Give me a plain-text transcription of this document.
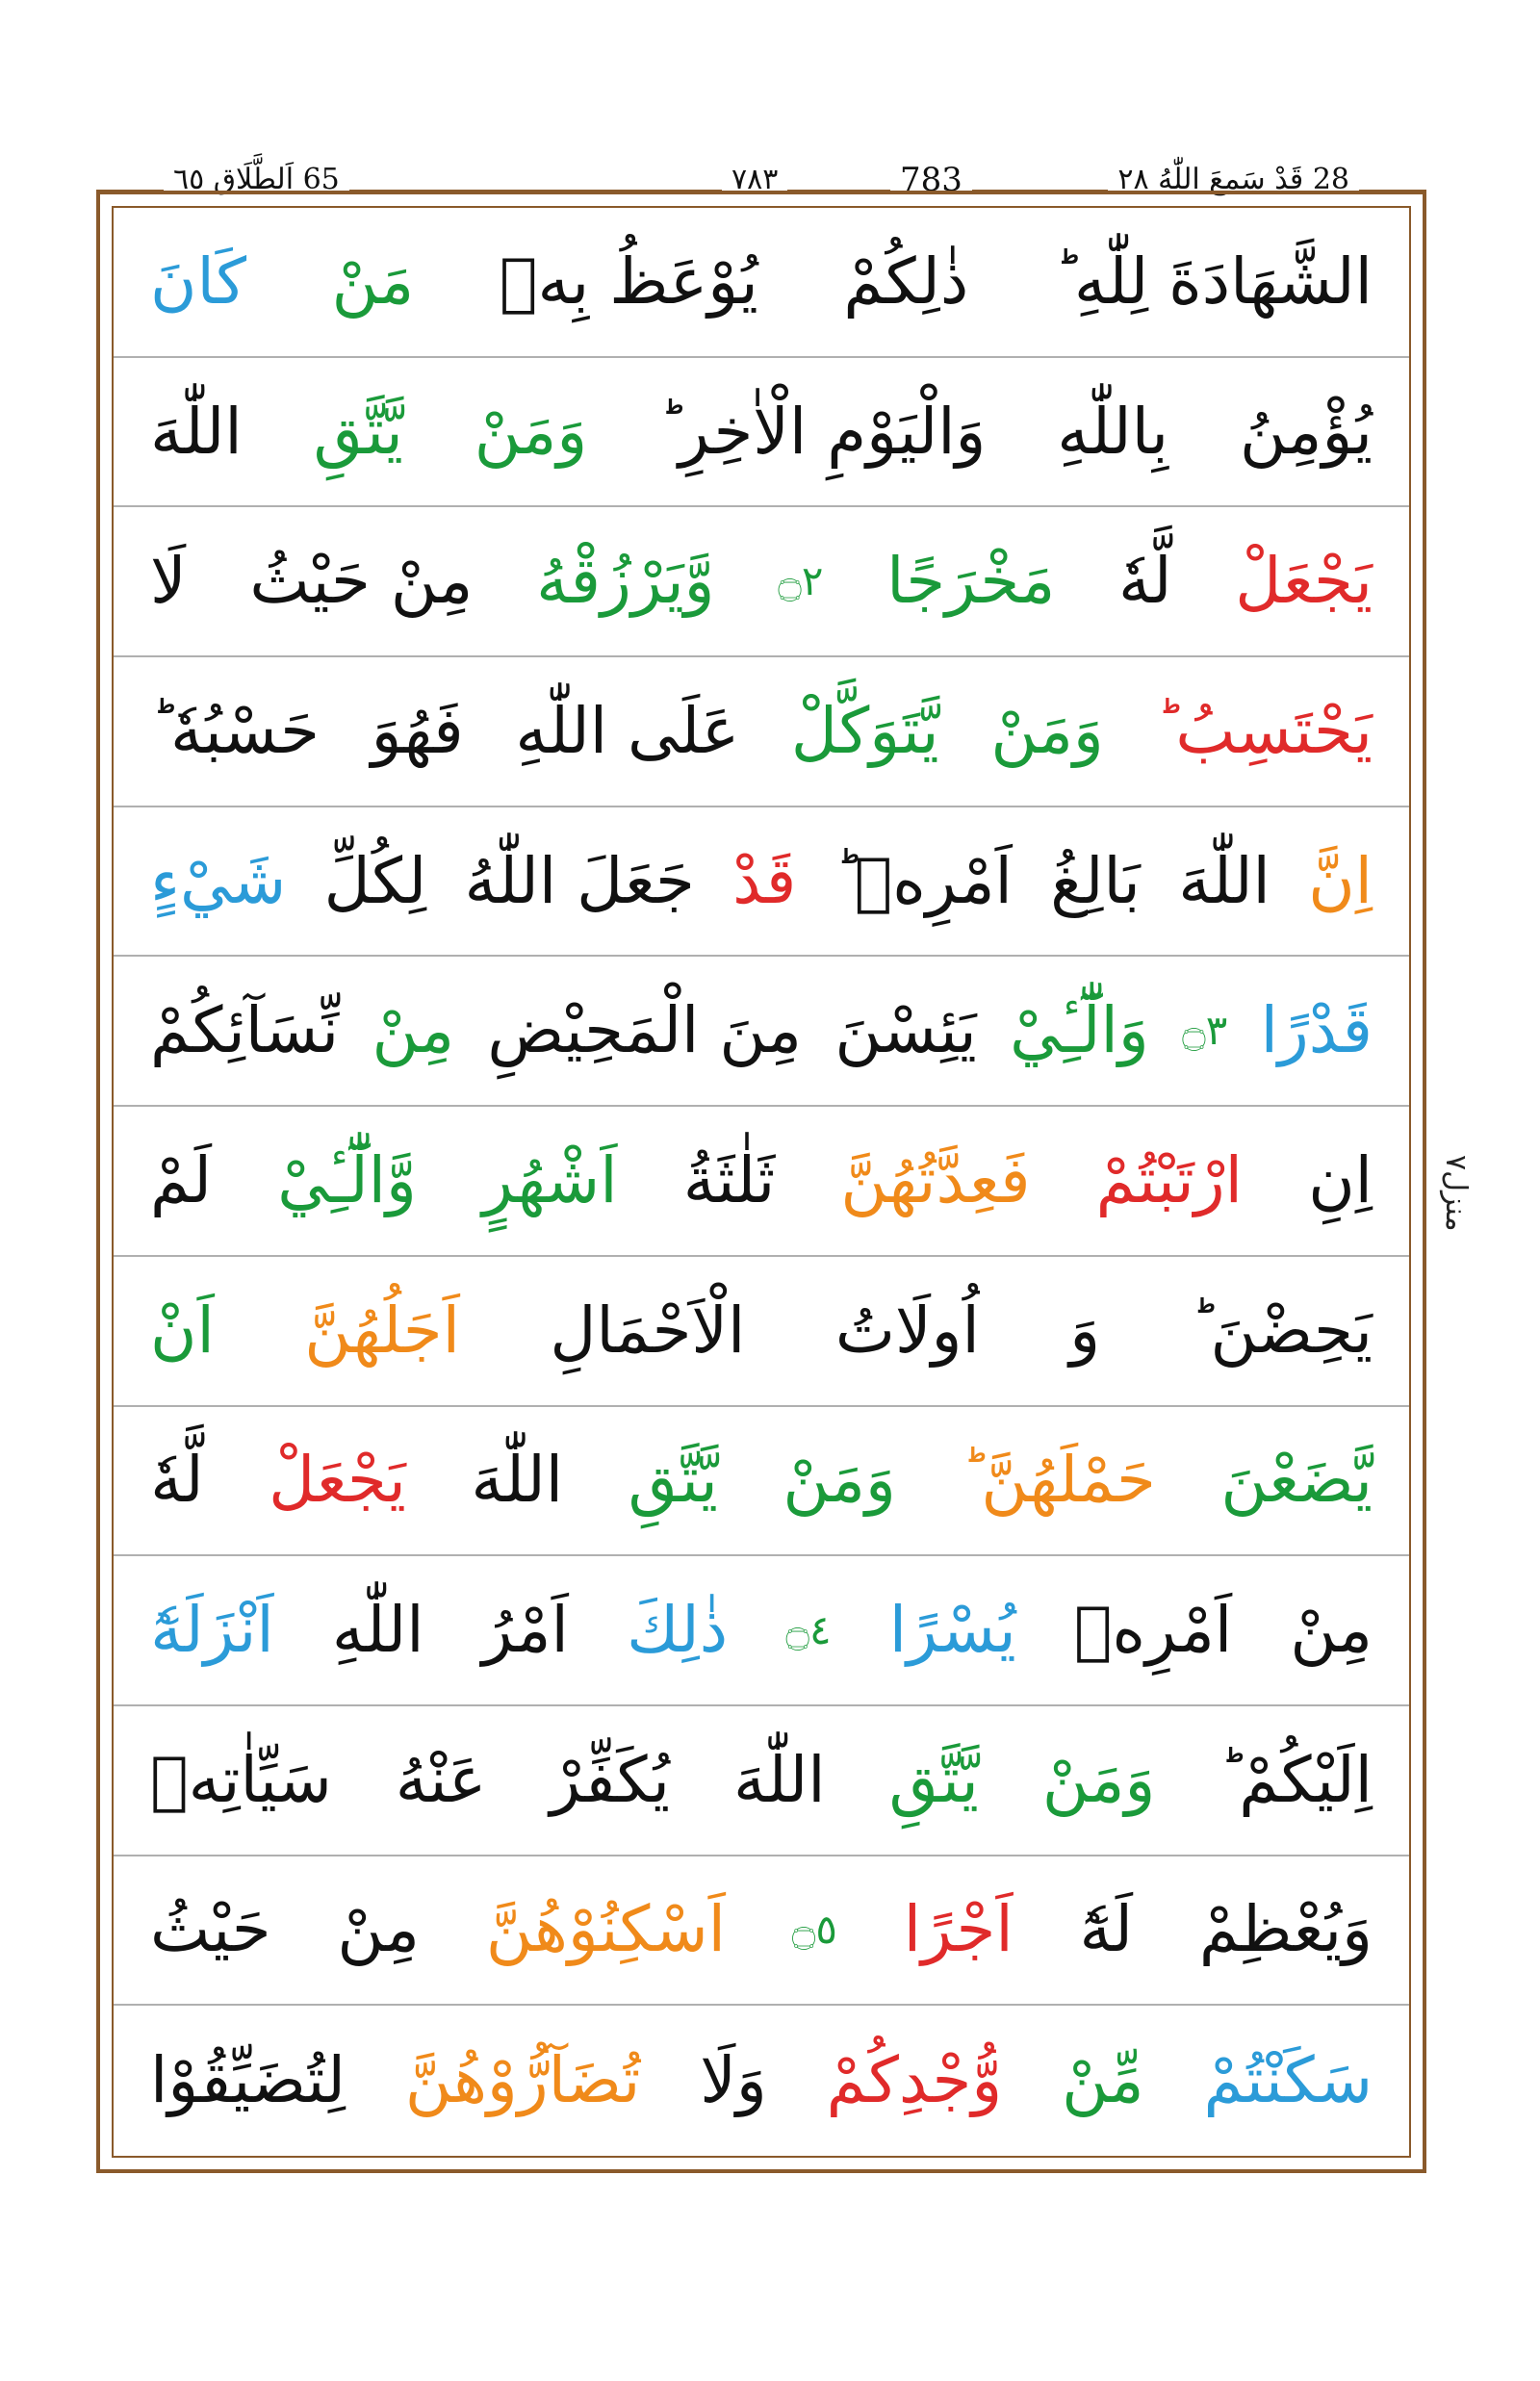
65 اَلطَّلَاق ٦٥	٧٨٣	783	28 قَدْ سَمِعَ اللّٰهُ ٢٨
الشَّهَادَةَ لِلّٰهِ ؕ
ذٰلِكُمْ
يُوْعَظُ بِهٖ
مَنْ
كَانَ
يُؤْمِنُ
بِاللّٰهِ
وَالْيَوْمِ الْاٰخِرِ ؕ
وَمَنْ
يَّتَّقِ
اللّٰهَ
يَجْعَلْ
لَّهٗ
مَخْرَجًا
۝٢
وَّيَرْزُقْهُ
مِنْ حَيْثُ
لَا
يَحْتَسِبُ ؕ
وَمَنْ
يَّتَوَكَّلْ
عَلَى اللّٰهِ
فَهُوَ
حَسْبُهٗ ؕ
اِنَّ
اللّٰهَ
بَالِغُ
اَمْرِهٖ ؕ
قَدْ
جَعَلَ اللّٰهُ
لِكُلِّ
شَيْءٍ
قَدْرًا
۝٣
وَالّٰٓـِٔيْ
يَئِسْنَ
مِنَ الْمَحِيْضِ
مِنْ
نِّسَآئِكُمْ
اِنِ
ارْتَبْتُمْ
فَعِدَّتُهُنَّ
ثَلٰثَةُ
اَشْهُرٍ
وَّالّٰٓـِٔيْ
لَمْ
يَحِضْنَ ؕ
وَ
اُولَاتُ
الْاَحْمَالِ
اَجَلُهُنَّ
اَنْ
يَّضَعْنَ
حَمْلَهُنَّ ؕ
وَمَنْ
يَّتَّقِ
اللّٰهَ
يَجْعَلْ
لَّهٗ
مِنْ
اَمْرِهٖ
يُسْرًا
۝٤
ذٰلِكَ
اَمْرُ
اللّٰهِ
اَنْزَلَهٗٓ
اِلَيْكُمْ ؕ
وَمَنْ
يَّتَّقِ
اللّٰهَ
يُكَفِّرْ
عَنْهُ
سَيِّاٰتِهٖ
وَيُعْظِمْ
لَهٗٓ
اَجْرًا
۝٥
اَسْكِنُوْهُنَّ
مِنْ
حَيْثُ
سَكَنْتُمْ
مِّنْ
وُّجْدِكُمْ
وَلَا
تُضَآرُّوْهُنَّ
لِتُضَيِّقُوْا
منزل٧
